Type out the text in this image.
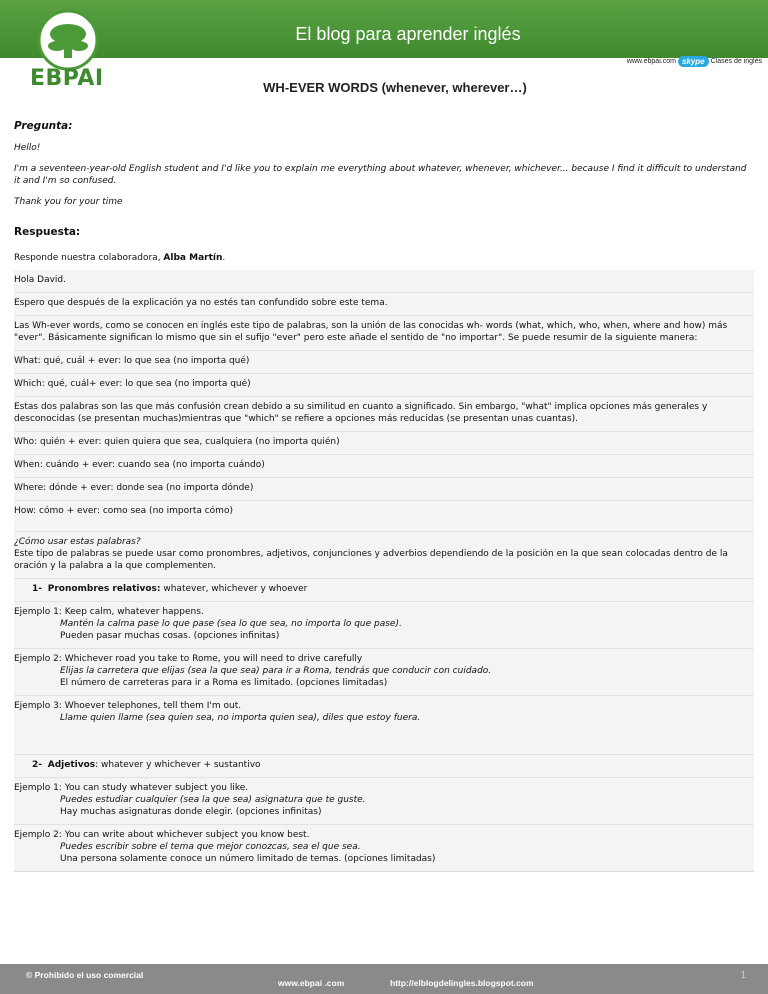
El blog para aprender inglés
EBPAI
www.ebpai.com skype Clases de inglés
WH-EVER WORDS (whenever, wherever…)
Pregunta:

Hello!

I'm a seventeen-year-old English student and I'd like you to explain me everything about whatever, whenever, whichever... because I find it difficult to understand it and I'm so confused.

Thank you for your time

Respuesta:

Responde nuestra colaboradora, Alba Martín.

Hola David.

Espero que después de la explicación ya no estés tan confundido sobre este tema.

Las Wh-ever words, como se conocen en inglés este tipo de palabras, son la unión de las conocidas wh- words (what, which, who, when, where and how) más "ever". Básicamente significan lo mismo que sin el sufijo "ever" pero este añade el sentido de "no importar". Se puede resumir de la siguiente manera:

What: qué, cuál + ever: lo que sea (no importa qué)

Which: qué, cuál+ ever: lo que sea (no importa qué)

Estas dos palabras son las que más confusión crean debido a su similitud en cuanto a significado. Sin embargo, "what" implica opciones más generales y desconocidas (se presentan muchas)mientras que "which" se refiere a opciones más reducidas (se presentan unas cuantas).

Who: quién + ever: quien quiera que sea, cualquiera (no importa quién)

When: cuándo + ever: cuando sea (no importa cuándo)

Where: dónde + ever: donde sea (no importa dónde)

How: cómo + ever: como sea (no importa cómo)

¿Cómo usar estas palabras?
Este tipo de palabras se puede usar como pronombres, adjetivos, conjunciones y adverbios dependiendo de la posición en la que sean colocadas dentro de la oración y la palabra a la que complementen.

1- Pronombres relativos: whatever, whichever y whoever

Ejemplo 1: Keep calm, whatever happens.
Mantén la calma pase lo que pase (sea lo que sea, no importa lo que pase).
Pueden pasar muchas cosas. (opciones infinitas)

Ejemplo 2: Whichever road you take to Rome, you will need to drive carefully
Elijas la carretera que elijas (sea la que sea) para ir a Roma, tendrás que conducir con cuidado.
El número de carreteras para ir a Roma es limitado. (opciones limitadas)

Ejemplo 3: Whoever telephones, tell them I'm out.
Llame quien llame (sea quien sea, no importa quien sea), diles que estoy fuera.

2- Adjetivos: whatever y whichever + sustantivo

Ejemplo 1: You can study whatever subject you like.
Puedes estudiar cualquier (sea la que sea) asignatura que te guste.
Hay muchas asignaturas donde elegir. (opciones infinitas)

Ejemplo 2: You can write about whichever subject you know best.
Puedes escribir sobre el tema que mejor conozcas, sea el que sea.
Una persona solamente conoce un número limitado de temas. (opciones limitadas)

© Prohibido el uso comercial
www.ebpai .com	http://elblogdelingles.blogspot.com
1
